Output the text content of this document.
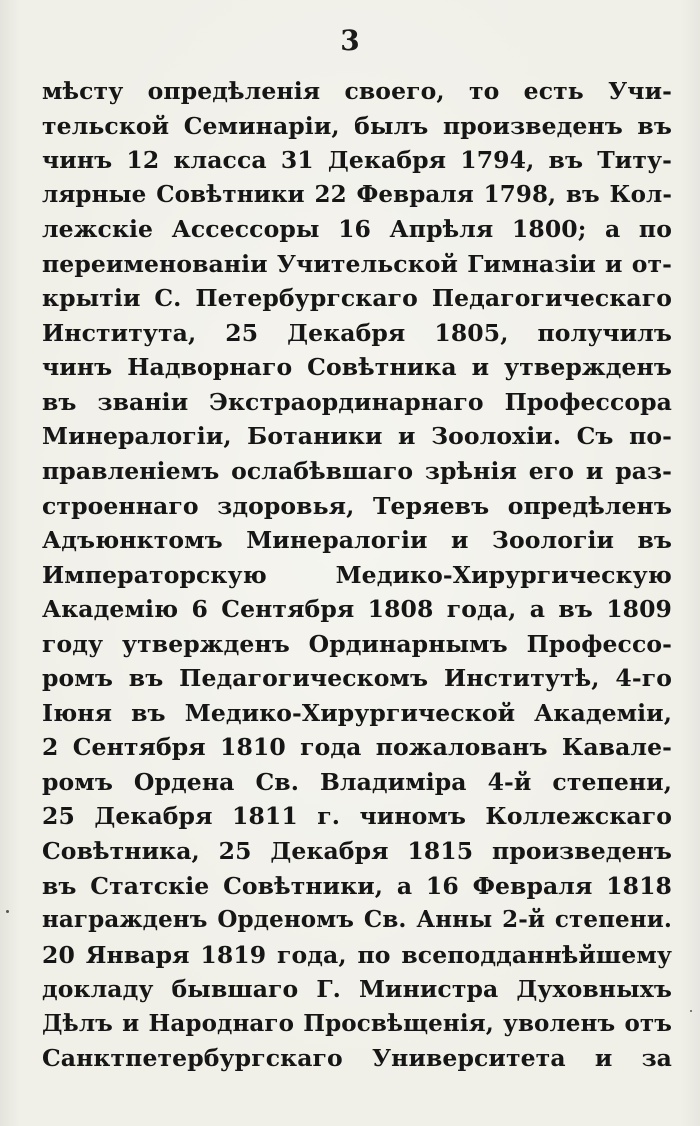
3
мѣсту опредѣленія своего, то есть Учи-
тельской Семинаріи, былъ произведенъ въ
чинъ 12 класса 31 Декабря 1794, въ Титу-
лярные Совѣтники 22 Февраля 1798, въ Кол-
лежскіе Ассессоры 16 Апрѣля 1800; а по
переименованіи Учительской Гимназіи и от-
крытіи С. Петербургскаго Педагогическаго
Института, 25 Декабря 1805, получилъ
чинъ Надворнаго Совѣтника и утвержденъ
въ званіи Экстраординарнаго Профессора
Минералогіи, Ботаники и Зоолохіи. Съ по-
правленіемъ ослабѣвшаго зрѣнія его и раз-
строеннаго здоровья, Теряевъ опредѣленъ
Адъюнктомъ Минералогіи и Зоологіи въ
Императорскую Медико-Хирургическую
Академію 6 Сентября 1808 года, а въ 1809
году утвержденъ Ординарнымъ Профессо-
ромъ въ Педагогическомъ Институтѣ, 4-го
Іюня въ Медико-Хирургической Академіи,
2 Сентября 1810 года пожалованъ Кавале-
ромъ Ордена Св. Владиміра 4-й степени,
25 Декабря 1811 г. чиномъ Коллежскаго
Совѣтника, 25 Декабря 1815 произведенъ
въ Статскіе Совѣтники, а 16 Февраля 1818
награжденъ Орденомъ Св. Анны 2-й степени.
20 Января 1819 года, по всеподданнѣйшему
докладу бывшаго Г. Министра Духовныхъ
Дѣлъ и Народнаго Просвѣщенія, уволенъ отъ
Санктпетербургскаго Университета и за
